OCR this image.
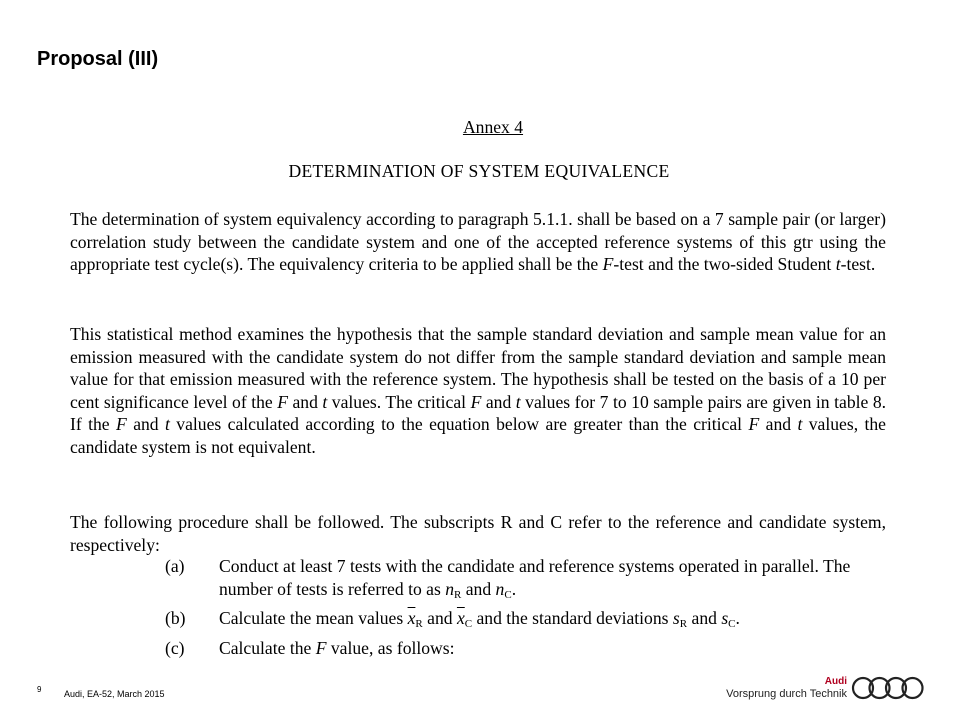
Proposal (III)
Annex 4
DETERMINATION OF SYSTEM EQUIVALENCE
The determination of system equivalency according to paragraph 5.1.1. shall be based on a 7 sample pair (or larger) correlation study between the candidate system and one of the accepted reference systems of this gtr using the appropriate test cycle(s). The equivalency criteria to be applied shall be the F-test and the two-sided Student t-test.
This statistical method examines the hypothesis that the sample standard deviation and sample mean value for an emission measured with the candidate system do not differ from the sample standard deviation and sample mean value for that emission measured with the reference system. The hypothesis shall be tested on the basis of a 10 per cent significance level of the F and t values. The critical F and t values for 7 to 10 sample pairs are given in table 8. If the F and t values calculated according to the equation below are greater than the critical F and t values, the candidate system is not equivalent.
The following procedure shall be followed. The subscripts R and C refer to the reference and candidate system, respectively:
(a)	Conduct at least 7 tests with the candidate and reference systems operated in parallel. The number of tests is referred to as $n_R$ and $n_C$.
(b)	Calculate the mean values $\overline{x}_R$ and $\overline{x}_C$ and the standard deviations $s_R$ and $s_C$.
(c)	Calculate the F value, as follows:
9	Audi, EA-52, March 2015
Audi
Vorsprung durch Technik
